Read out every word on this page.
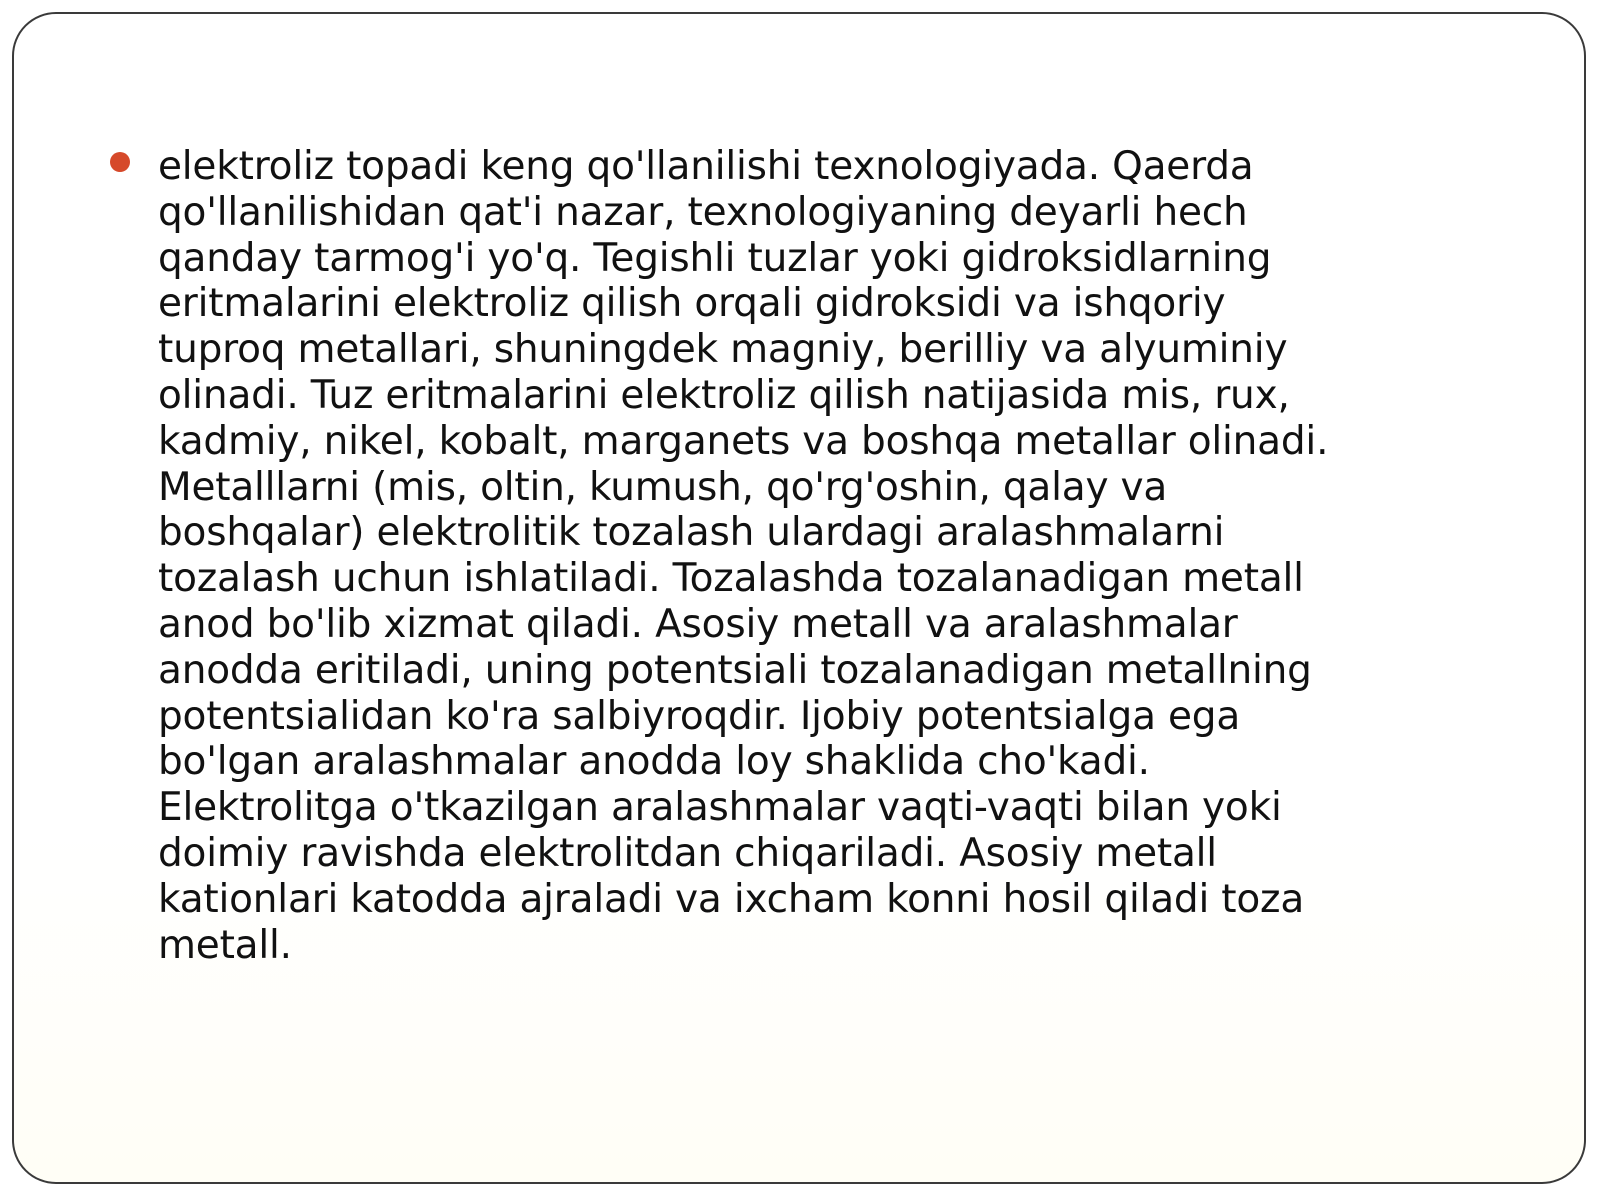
elektroliz topadi keng qo'llanilishi texnologiyada. Qaerda qo'llanilishidan qat'i nazar, texnologiyaning deyarli hech qanday tarmog'i yo'q. Tegishli tuzlar yoki gidroksidlarning eritmalarini elektroliz qilish orqali gidroksidi va ishqoriy tuproq metallari, shuningdek magniy, berilliy va alyuminiy olinadi. Tuz eritmalarini elektroliz qilish natijasida mis, rux, kadmiy, nikel, kobalt, marganets va boshqa metallar olinadi. Metalllarni (mis, oltin, kumush, qo'rg'oshin, qalay va boshqalar) elektrolitik tozalash ulardagi aralashmalarni tozalash uchun ishlatiladi. Tozalashda tozalanadigan metall anod bo'lib xizmat qiladi. Asosiy metall va aralashmalar anodda eritiladi, uning potentsiali tozalanadigan metallning potentsialidan ko'ra salbiyroqdir. Ijobiy potentsialga ega bo'lgan aralashmalar anodda loy shaklida cho'kadi. Elektrolitga o'tkazilgan aralashmalar vaqti-vaqti bilan yoki doimiy ravishda elektrolitdan chiqariladi. Asosiy metall kationlari katodda ajraladi va ixcham konni hosil qiladi toza metall.
